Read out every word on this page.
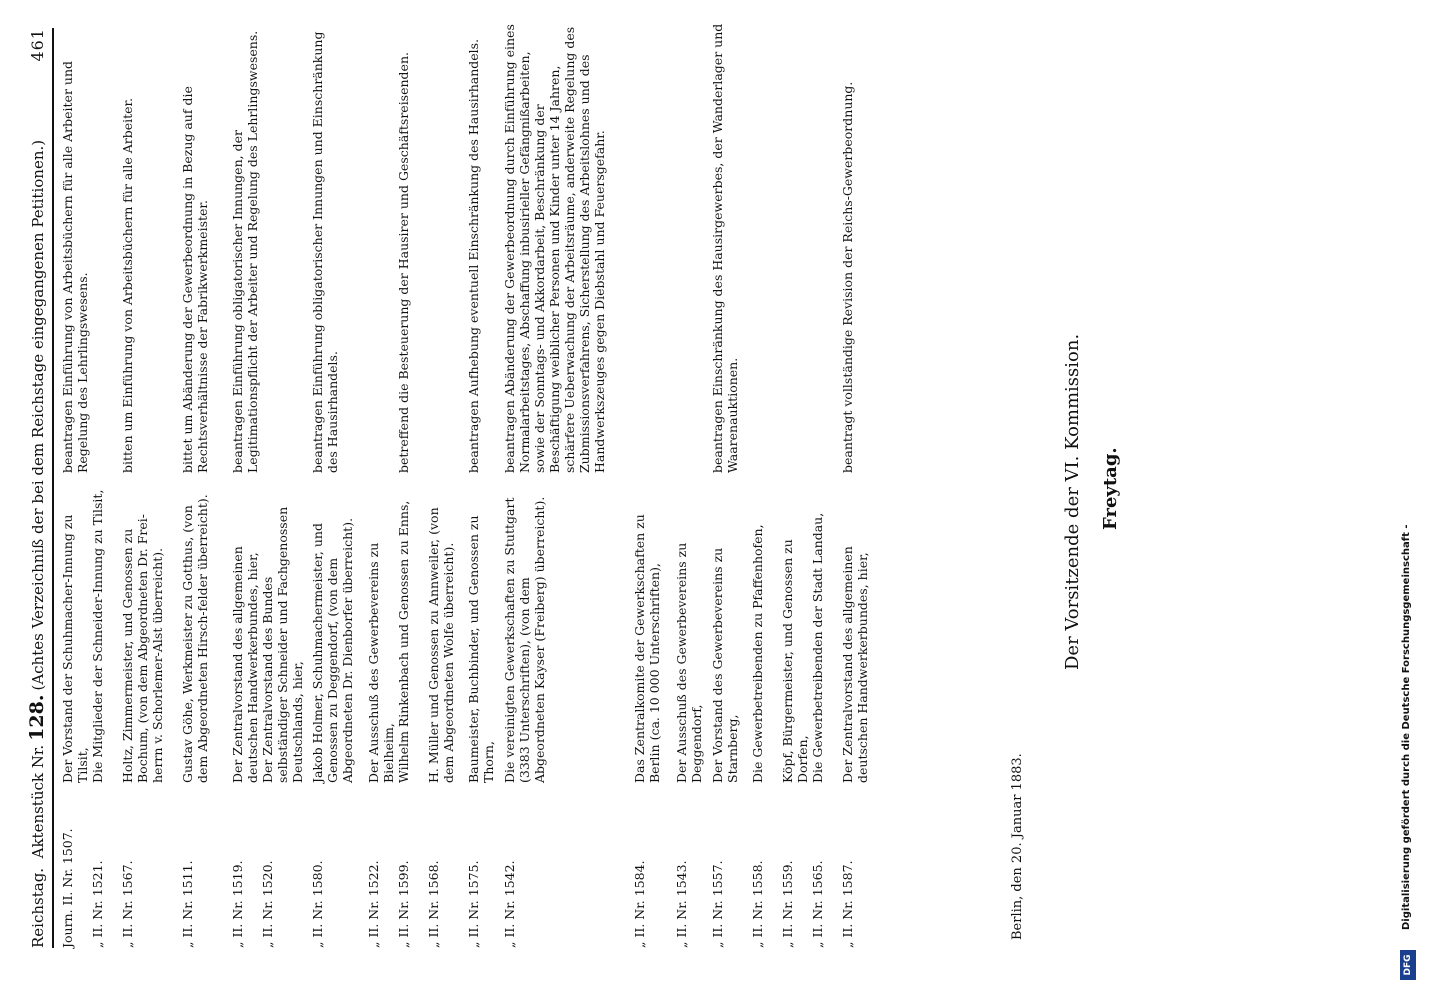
Reichstag.

Aktenstück Nr.
128.
(Achtes Verzeichniß der bei dem Reichstage eingegangenen Petitionen.)
461
Journ. II. Nr. 1507.
Der Vorstand der Schuhmacher-Innung zu Tilsit,
beantragen Einführung von Arbeitsbüchern für alle Arbeiter und Regelung des Lehrlingswesens.
„ II. Nr. 1521.
Die Mitglieder der Schneider-Innung zu Tilsit,
„ II. Nr. 1567.
Holtz, Zimmermeister, und Genossen zu Bochum, (von dem Abgeordneten Dr. Frei-herrn v. Schorlemer-Alst überreicht).
bitten um Einführung von Arbeitsbüchern für alle Arbeiter.
„ II. Nr. 1511.
Gustav Göhe, Werkmeister zu Gotthus, (von dem Abgeordneten Hirsch-felder überreicht).
bittet um Abänderung der Gewerbeordnung in Bezug auf die Rechtsverhältnisse der Fabrikwerkmeister.
„ II. Nr. 1519.
Der Zentralvorstand des allgemeinen deutschen Handwerkerbundes, hier,
beantragen Einführung obligatorischer Innungen, der Legitimationspflicht der Arbeiter und Regelung des Lehrlingswesens.
„ II. Nr. 1520.
Der Zentralvorstand des Bundes selbständiger Schneider und Fachgenossen Deutschlands, hier,
„ II. Nr. 1580.
Jakob Holmer, Schuhmachermeister, und Genossen zu Deggendorf, (von dem Abgeordneten Dr. Dienborfer überreicht).
beantragen Einführung obligatorischer Innungen und Einschränkung des Hausirhandels.
„ II. Nr. 1522.
Der Ausschuß des Gewerbevereins zu Bielheim,
„ II. Nr. 1599.
Wilhelm Rinkenbach und Genossen zu Enns,
betreffend die Besteuerung der Hausirer und Geschäftsreisenden.
„ II. Nr. 1568.
H. Müller und Genossen zu Annweiler, (von dem Abgeordneten Wolfe überreicht).
„ II. Nr. 1575.
Baumeister, Buchbinder, und Genossen zu Thorn,
beantragen Aufhebung eventuell Einschränkung des Hausirhandels.
„ II. Nr. 1542.
Die vereinigten Gewerkschaften zu Stuttgart (3383 Unterschriften), (von dem Abgeordneten Kayser (Freiberg) überreicht).
beantragen Abänderung der Gewerbeordnung durch Einführung eines Normalarbeitstages, Abschaffung inbusirieller Gefängnißarbeiten, sowie der Sonntags- und Akkordarbeit, Beschränkung der Beschäftigung weiblicher Personen und Kinder unter 14 Jahren, schärfere Ueberwachung der Arbeitsräume, anderweite Regelung des Zubmissionsverfahrens, Sicherstellung des Arbeitslohnes und des Handwerkszeuges gegen Diebstahl und Feuersgefahr.
„ II. Nr. 1584.
Das Zentralkomite der Gewerkschaften zu Berlin (ca. 10 000 Unterschriften),
„ II. Nr. 1543.
Der Ausschuß des Gewerbevereins zu Deggendorf,
„ II. Nr. 1557.
Der Vorstand des Gewerbevereins zu Starnberg,
beantragen Einschränkung des Hausirgewerbes, der Wanderlager und Waarenauktionen.
„ II. Nr. 1558.
Die Gewerbetreibenden zu Pfaffenhofen,
„ II. Nr. 1559.
Köpf, Bürgermeister, und Genossen zu Dorfen,
„ II. Nr. 1565.
Die Gewerbetreibenden der Stadt Landau,
„ II. Nr. 1587.
Der Zentralvorstand des allgemeinen deutschen Handwerkerbundes, hier,
beantragt vollständige Revision der Reichs-Gewerbeordnung.
Berlin, den 20. Januar 1883.
Der Vorsitzende der VI. Kommission. Freytag.
DFG
Digitalisierung gefördert durch die Deutsche Forschungsgemeinschaft -
